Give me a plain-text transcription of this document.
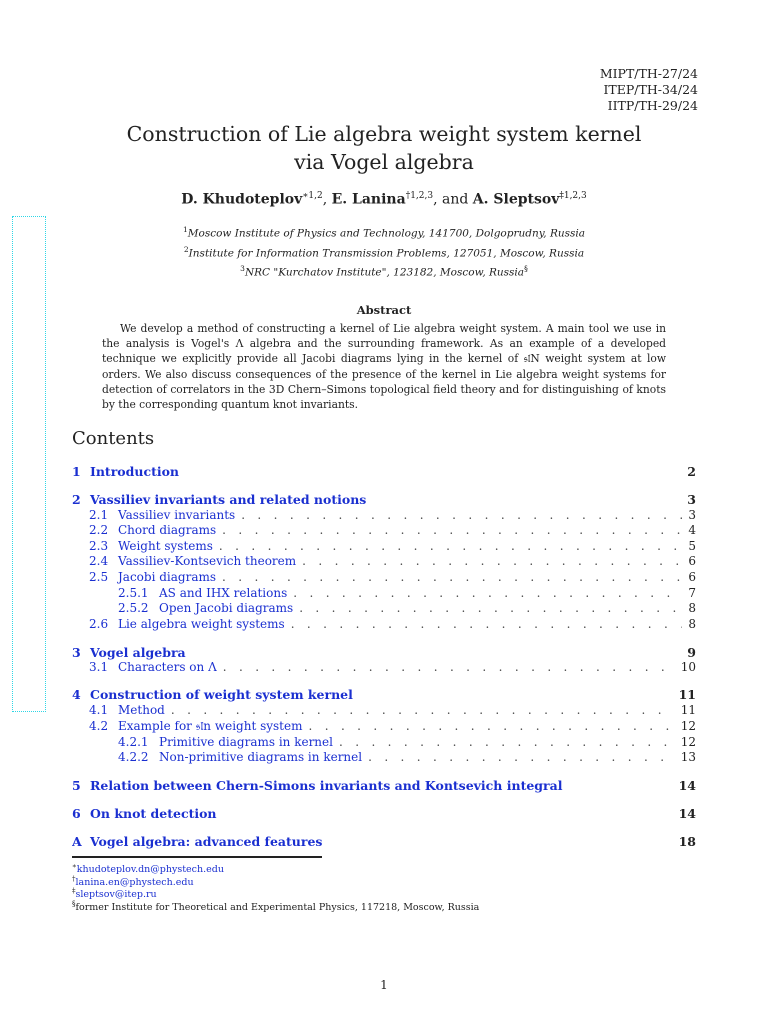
MIPT/TH-27/24
ITEP/TH-34/24
IITP/TH-29/24
Construction of Lie algebra weight system kernel
via Vogel algebra
D. Khudoteplov$^{∗1,2}$, E. Lanina$^{\dagger 1,2,3}$, and A. Sleptsov$^{\ddagger 1,2,3}$
$^1$Moscow Institute of Physics and Technology, 141700, Dolgoprudny, Russia
$^2$Institute for Information Transmission Problems, 127051, Moscow, Russia
$^3$NRC "Kurchatov Institute", 123182, Moscow, Russia§
Abstract
We develop a method of constructing a kernel of Lie algebra weight system. A main tool we use in the analysis is Vogel's Λ algebra and the surrounding framework. As an example of a developed technique we explicitly provide all Jacobi diagrams lying in the kernel of 𝔰𝔩N weight system at low orders. We also discuss consequences of the presence of the kernel in Lie algebra weight systems for detection of correlators in the 3D Chern–Simons topological field theory and for distinguishing of knots by the corresponding quantum knot invariants.
Contents
1 Introduction	2
2 Vassiliev invariants and related notions	3
2.1 Vassiliev invariants . . .	3
2.2 Chord diagrams . . .	4
2.3 Weight systems . . .	5
2.4 Vassiliev-Kontsevich theorem . . .	6
2.5 Jacobi diagrams . . .	6
2.5.1 AS and IHX relations . . .	7
2.5.2 Open Jacobi diagrams . . .	8
2.6 Lie algebra weight systems . . .	8
3 Vogel algebra	9
3.1 Characters on Λ . . .	10
4 Construction of weight system kernel	11
4.1 Method . . .	11
4.2 Example for 𝔰𝔩n weight system . . .	12
4.2.1 Primitive diagrams in kernel . . .	12
4.2.2 Non-primitive diagrams in kernel . . .	13
5 Relation between Chern-Simons invariants and Kontsevich integral	14
6 On knot detection	14
A Vogel algebra: advanced features	18
∗khudoteplov.dn@phystech.edu
†lanina.en@phystech.edu
‡sleptsov@itep.ru
§former Institute for Theoretical and Experimental Physics, 117218, Moscow, Russia
1
